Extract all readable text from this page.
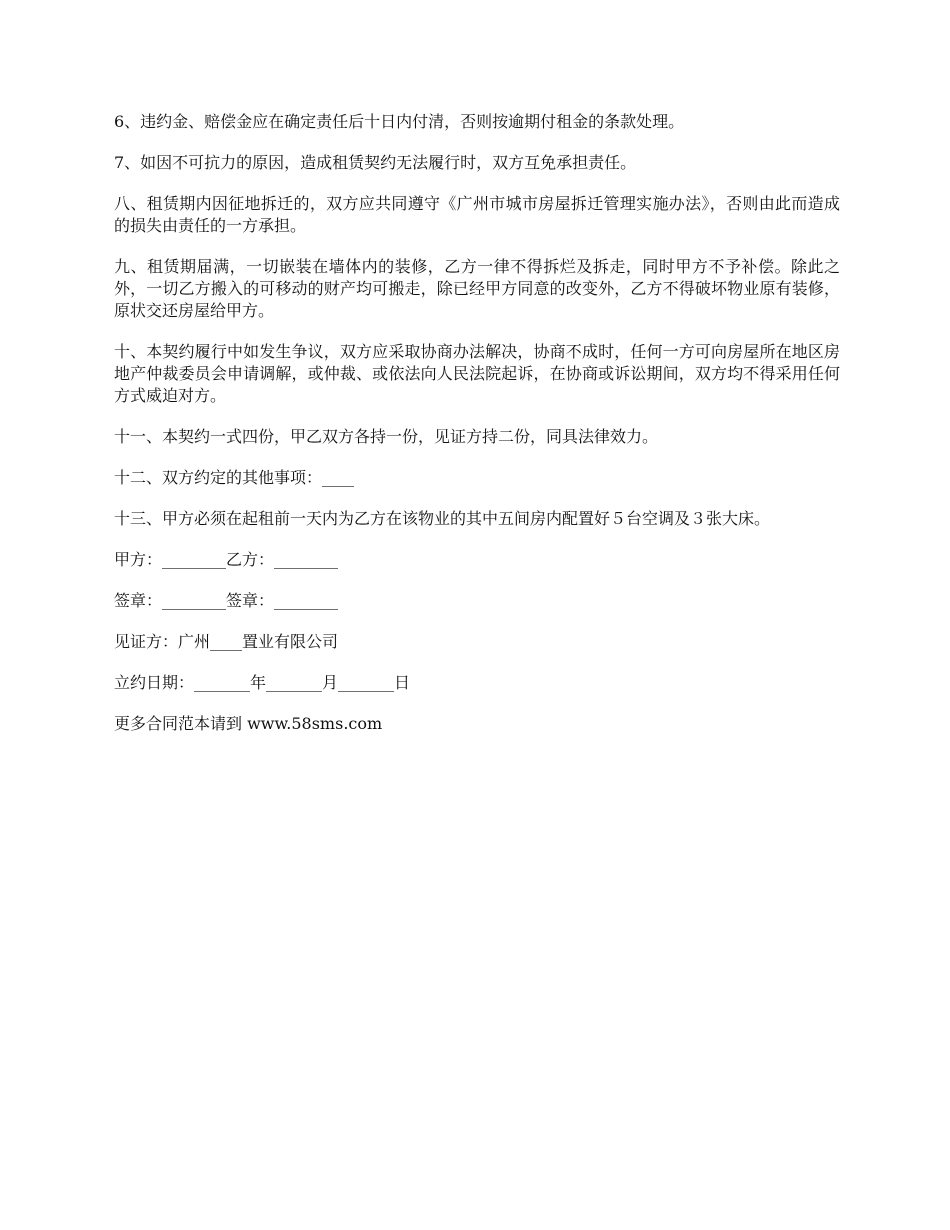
6、违约金、赔偿金应在确定责任后十日内付清，否则按逾期付租金的条款处理。

7、如因不可抗力的原因，造成租赁契约无法履行时，双方互免承担责任。

八、租赁期内因征地拆迁的，双方应共同遵守《广州市城市房屋拆迁管理实施办法》，否则由此而造成的损失由责任的一方承担。

九、租赁期届满，一切嵌装在墙体内的装修，乙方一律不得拆烂及拆走，同时甲方不予补偿。除此之外，一切乙方搬入的可移动的财产均可搬走，除已经甲方同意的改变外，乙方不得破坏物业原有装修，原状交还房屋给甲方。

十、本契约履行中如发生争议，双方应采取协商办法解决，协商不成时，任何一方可向房屋所在地区房地产仲裁委员会申请调解，或仲裁、或依法向人民法院起诉，在协商或诉讼期间，双方均不得采用任何方式威迫对方。

十一、本契约一式四份，甲乙双方各持一份，见证方持二份，同具法律效力。

十二、双方约定的其他事项：____

十三、甲方必须在起租前一天内为乙方在该物业的其中五间房内配置好５台空调及３张大床。

甲方：________乙方：________

签章：________签章：________

见证方：广州____置业有限公司

立约日期：_______年_______月_______日

更多合同范本请到 www.58sms.com
